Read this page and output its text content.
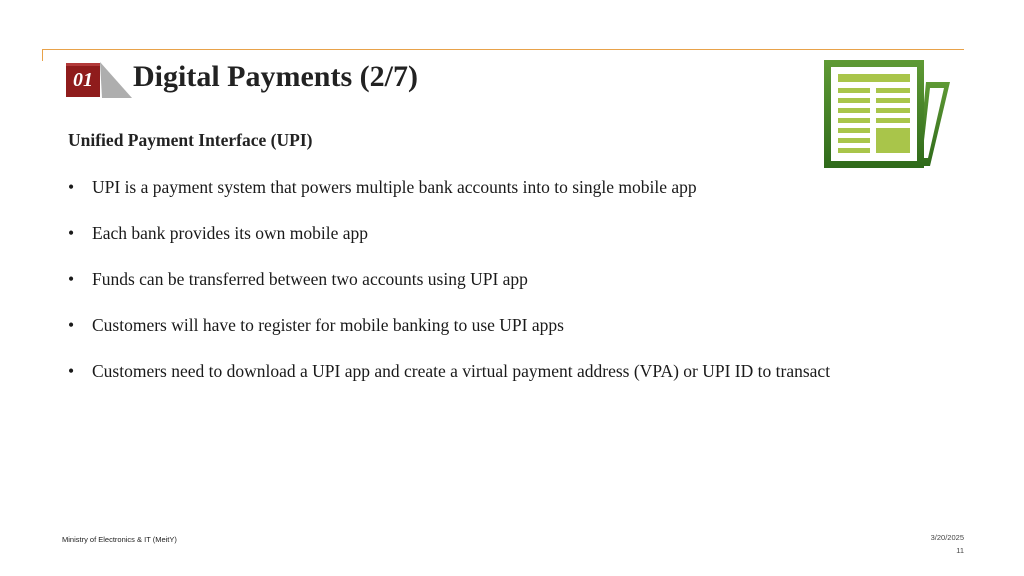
01 Digital Payments (2/7)
Unified Payment Interface (UPI)
• UPI is a payment system that powers multiple bank accounts into to single mobile app
• Each bank provides its own mobile app
• Funds can be transferred between two accounts using UPI app
• Customers will have to register for mobile banking to use UPI apps
• Customers need to download a UPI app and create a virtual payment address (VPA) or UPI ID to transact
Ministry of Electronics & IT (MeitY)	3/20/2025
11
